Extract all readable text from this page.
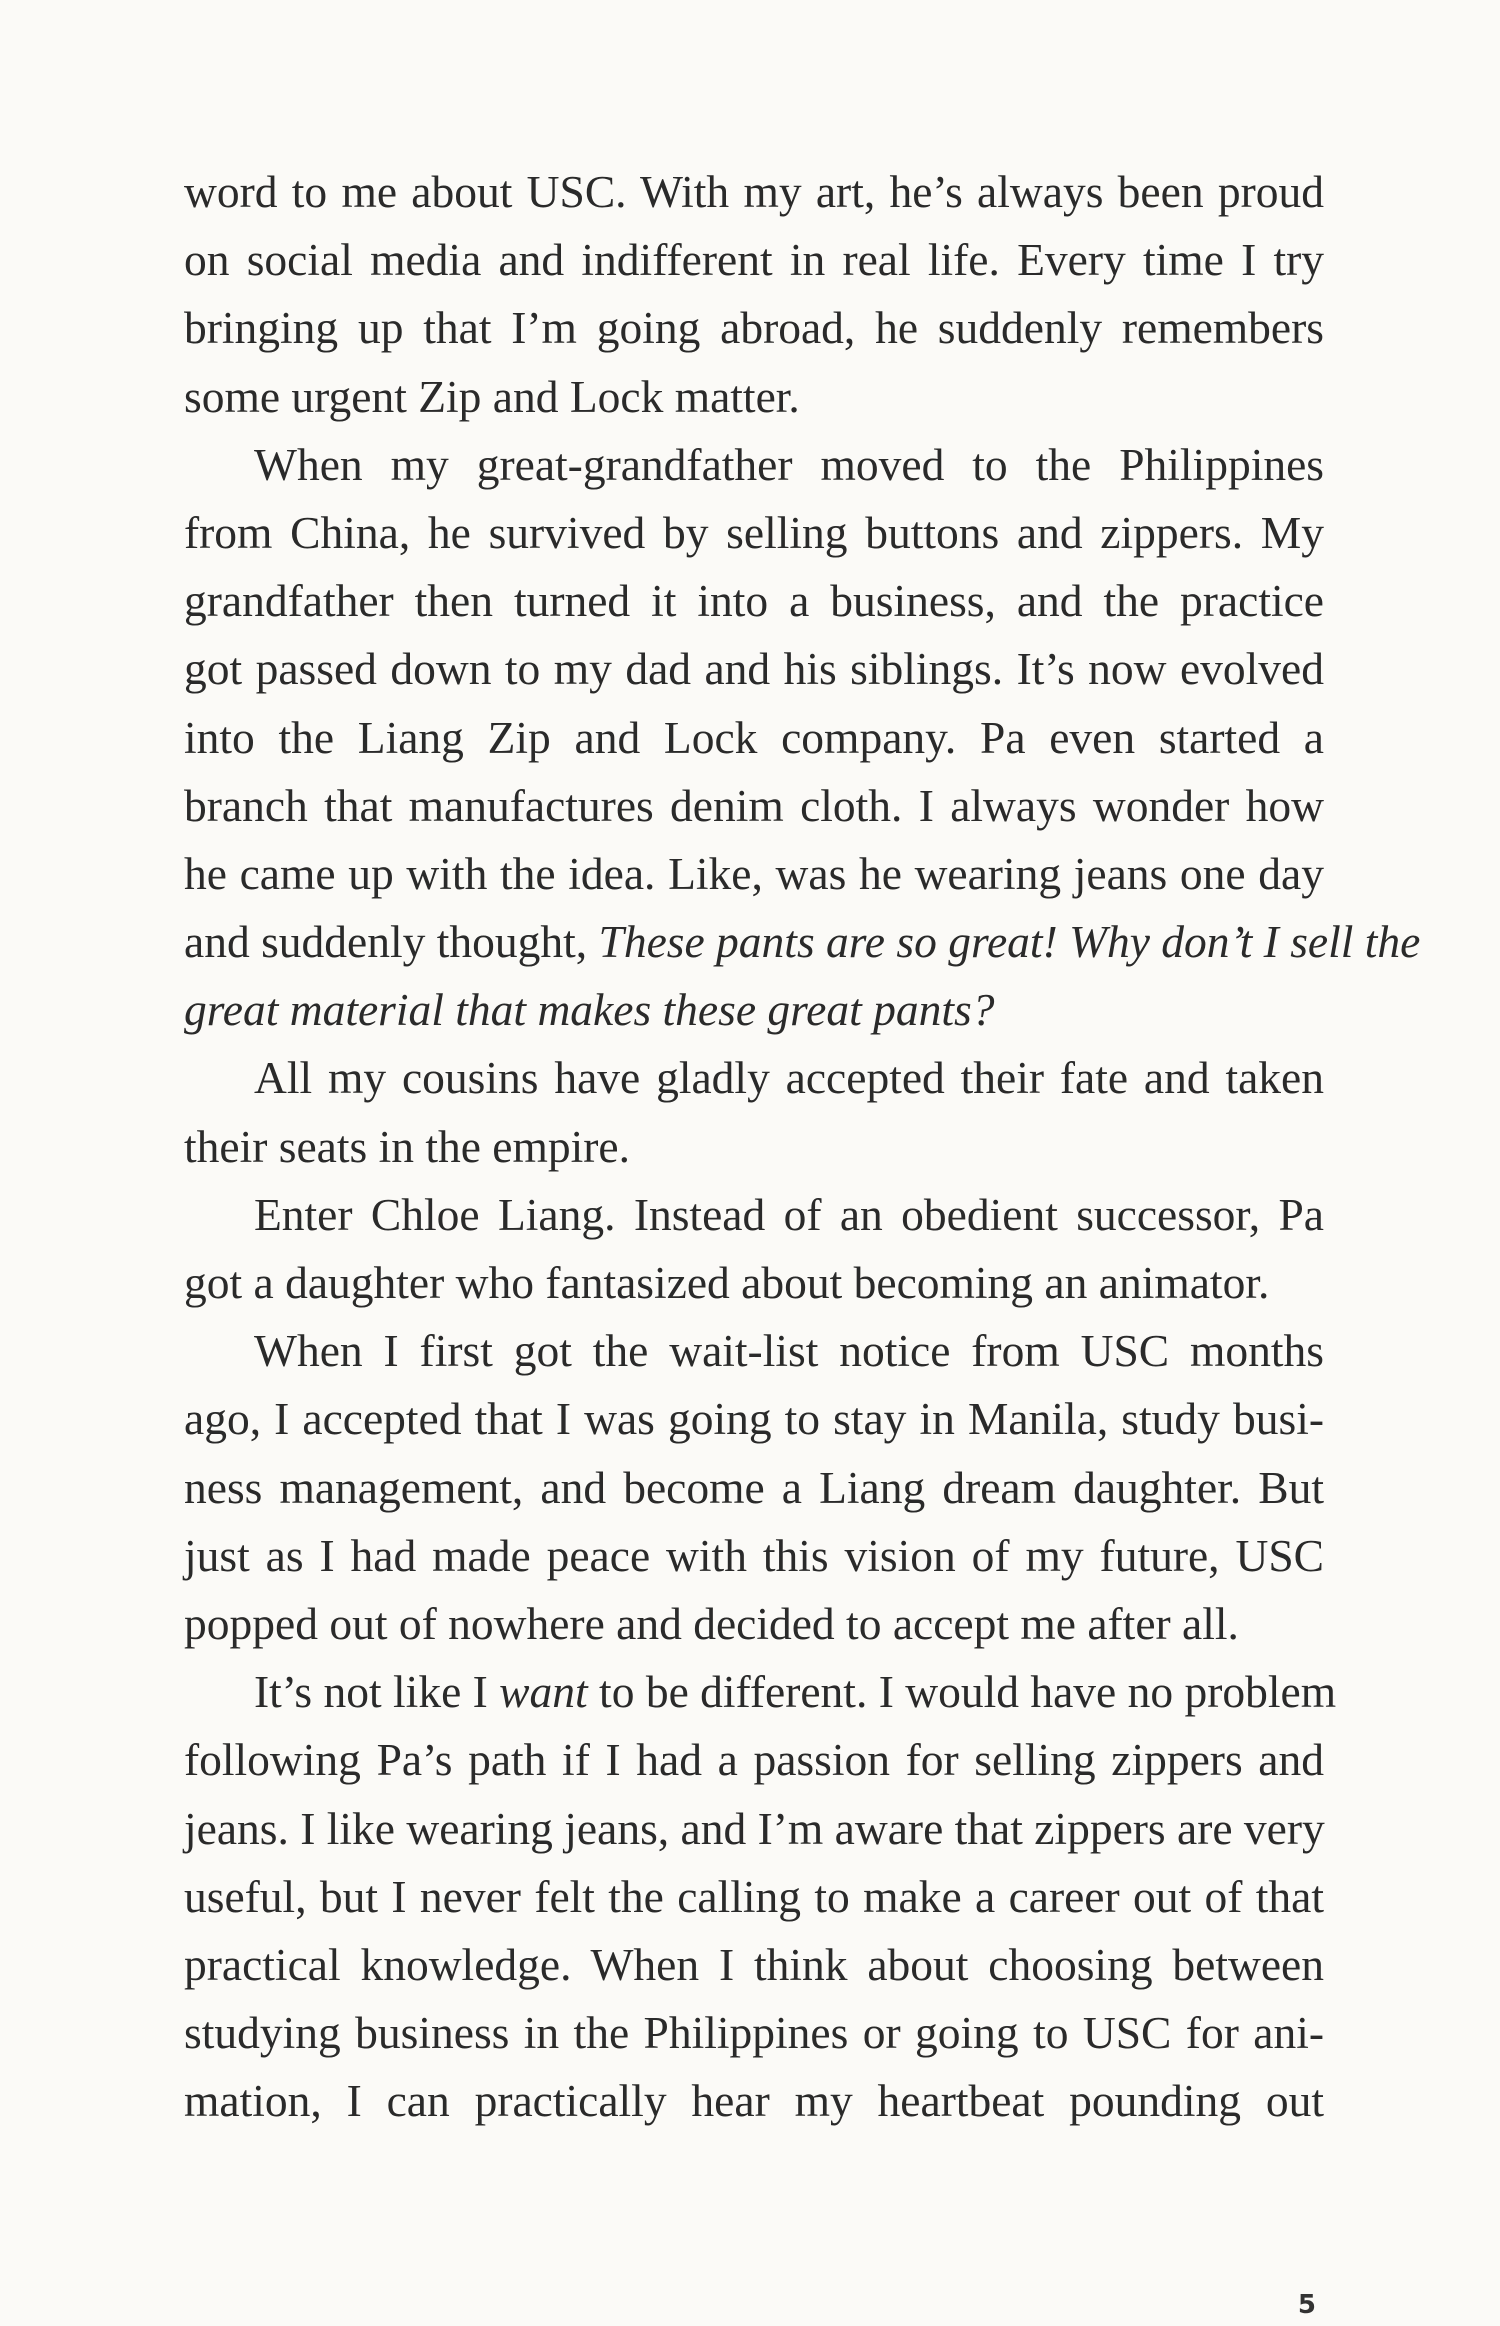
word to me about USC. With my art, he’s always been proud
on social media and indifferent in real life. Every time I try
bringing up that I’m going abroad, he suddenly remembers
some urgent Zip and Lock matter.
When my great-grandfather moved to the Philippines
from China, he survived by selling buttons and zippers. My
grandfather then turned it into a business, and the practice
got passed down to my dad and his siblings. It’s now evolved
into the Liang Zip and Lock company. Pa even started a
branch that manufactures denim cloth. I always wonder how
he came up with the idea. Like, was he wearing jeans one day
and suddenly thought, These pants are so great! Why don’t I sell the
great material that makes these great pants?
All my cousins have gladly accepted their fate and taken
their seats in the empire.
Enter Chloe Liang. Instead of an obedient successor, Pa
got a daughter who fantasized about becoming an animator.
When I first got the wait-list notice from USC months
ago, I accepted that I was going to stay in Manila, study busi-
ness management, and become a Liang dream daughter. But
just as I had made peace with this vision of my future, USC
popped out of nowhere and decided to accept me after all.
It’s not like I want to be different. I would have no problem
following Pa’s path if I had a passion for selling zippers and
jeans. I like wearing jeans, and I’m aware that zippers are very
useful, but I never felt the calling to make a career out of that
practical knowledge. When I think about choosing between
studying business in the Philippines or going to USC for ani-
mation, I can practically hear my heartbeat pounding out
5
